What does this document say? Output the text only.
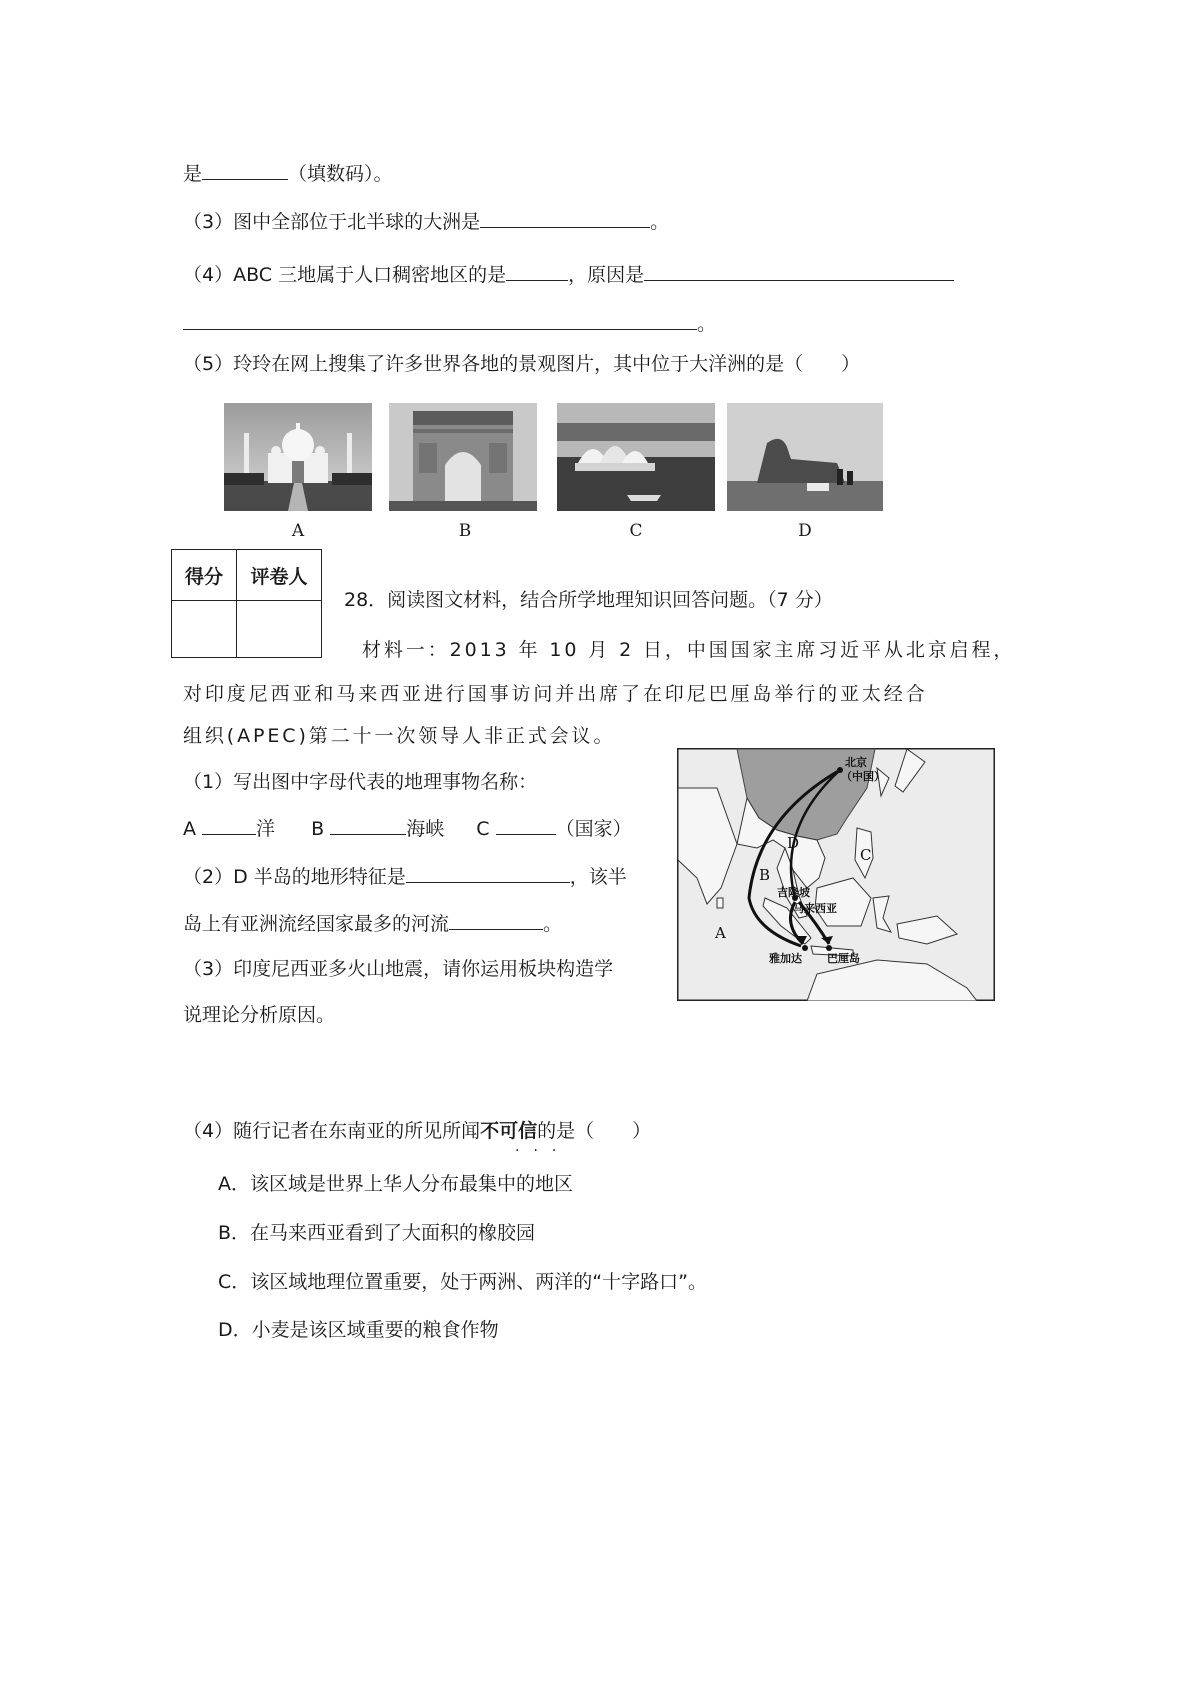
是	（填数码）。
（3）图中全部位于北半球的大洲是	。
（4）ABC 三地属于人口稠密地区的是	，原因是
。
（5）玲玲在网上搜集了许多世界各地的景观图片，其中位于大洋洲的是（　　）
A	B	C	D
得分	评卷人

28．阅读图文材料，结合所学地理知识回答问题。（7 分）
材料一：2013 年 10 月 2 日，中国国家主席习近平从北京启程，
对印度尼西亚和马来西亚进行国事访问并出席了在印尼巴厘岛举行的亚太经合
组织(APEC)第二十一次领导人非正式会议。
（1）写出图中字母代表的地理事物名称：
A	洋 B	海峡 C	（国家）
（2）D 半岛的地形特征是	，该半
岛上有亚洲流经国家最多的河流	。
（3）印度尼西亚多火山地震，请你运用板块构造学
说理论分析原因。
（4）随行记者在东南亚的所见所闻不可信的是（　　）
···
A．该区域是世界上华人分布最集中的地区
B．在马来西亚看到了大面积的橡胶园
C．该区域地理位置重要，处于两洲、两洋的“十字路口”。
D．小麦是该区域重要的粮食作物
北京
（中国）
吉隆坡
马来西亚
雅加达 巴厘岛
A
B
C
D
